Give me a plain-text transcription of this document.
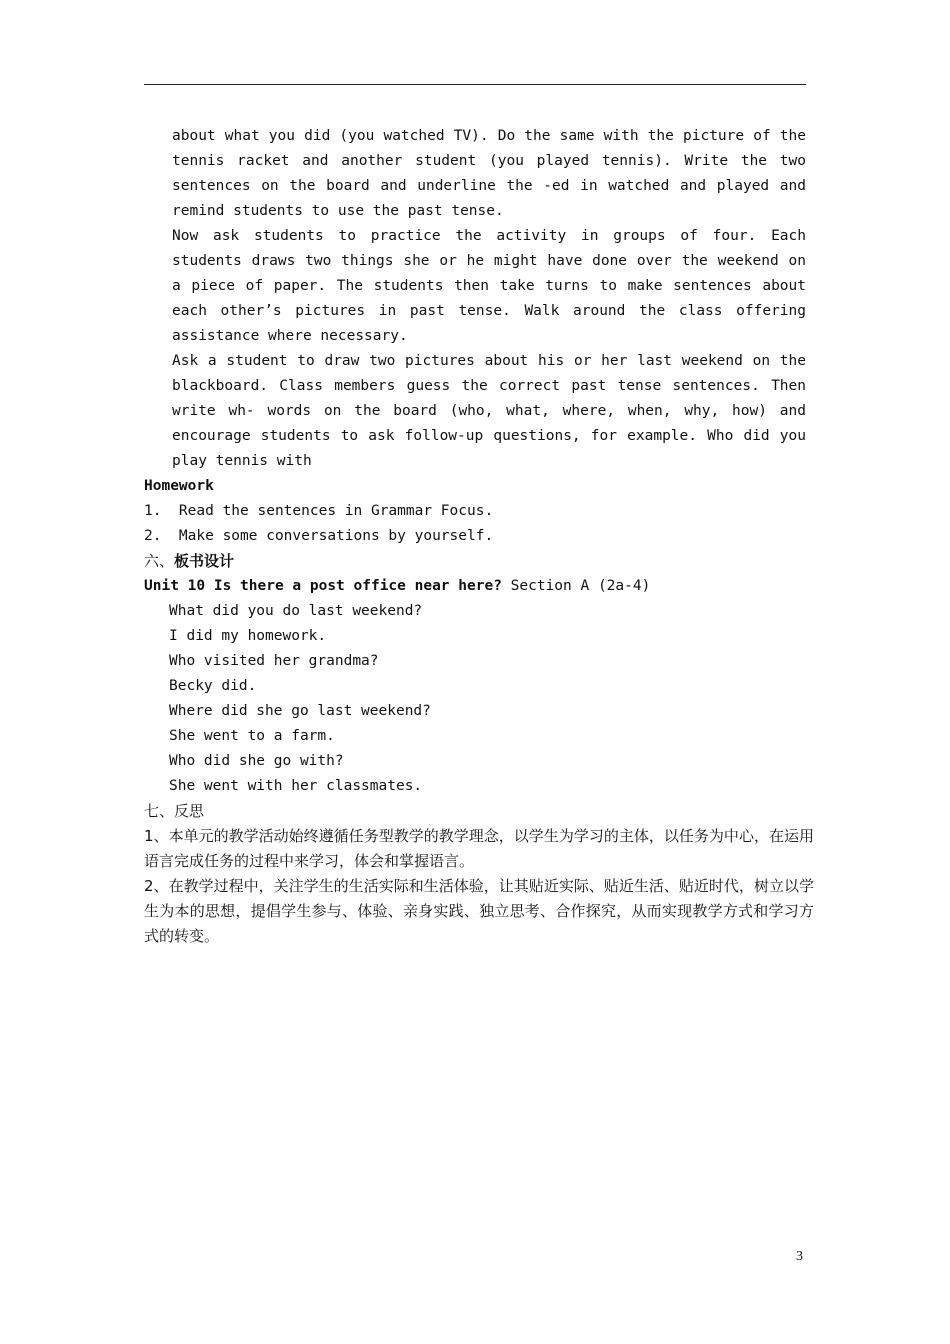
about what you did (you watched TV). Do the same with the picture of the tennis racket and another student (you played tennis). Write the two sentences on the board and underline the -ed in watched and played and remind students to use the past tense.

Now ask students to practice the activity in groups of four. Each students draws two things she or he might have done over the weekend on a piece of paper. The students then take turns to make sentences about each other’s pictures in past tense. Walk around the class offering assistance where necessary.

Ask a student to draw two pictures about his or her last weekend on the blackboard. Class members guess the correct past tense sentences. Then write wh- words on the board (who, what, where, when, why, how) and encourage students to ask follow-up questions, for example. Who did you play tennis with

Homework

1.  Read the sentences in Grammar Focus.

2.  Make some conversations by yourself.

六、板书设计

Unit 10 Is there a post office near here? Section A (2a-4)

What did you do last weekend?

I did my homework.

Who visited her grandma?

Becky did.

Where did she go last weekend?

She went to a farm.

Who did she go with?

She went with her classmates.

七、反思

1、本单元的教学活动始终遵循任务型教学的教学理念，以学生为学习的主体，以任务为中心，在运用语言完成任务的过程中来学习，体会和掌握语言。

2、在教学过程中，关注学生的生活实际和生活体验，让其贴近实际、贴近生活、贴近时代，树立以学生为本的思想，提倡学生参与、体验、亲身实践、独立思考、合作探究，从而实现教学方式和学习方式的转变。

3
